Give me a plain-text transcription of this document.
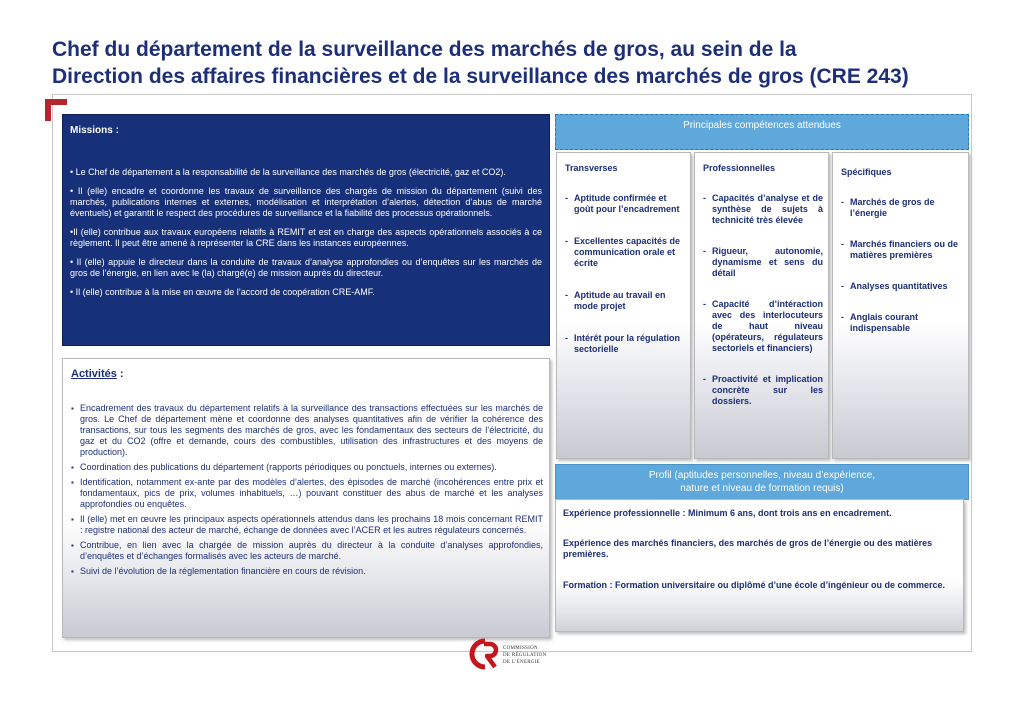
Chef du département de la surveillance des marchés de gros, au sein de la
Direction des affaires financières et de la surveillance des marchés de gros (CRE 243)
Missions :

• Le Chef de département a la responsabilité de la surveillance des marchés de gros (électricité, gaz et CO2).

• Il (elle) encadre et coordonne les travaux de surveillance des chargés de mission du département (suivi des marchés, publications internes et externes, modélisation et interprétation d’alertes, détection d’abus de marché éventuels) et garantit le respect des procédures de surveillance et la fiabilité des processus opérationnels.

•Il (elle) contribue aux travaux européens relatifs à REMIT et est en charge des aspects opérationnels associés à ce règlement. Il peut être amené à représenter la CRE dans les instances européennes.

• Il (elle) appuie le directeur dans la conduite de travaux d’analyse approfondies ou d’enquêtes sur les marchés de gros de l’énergie, en lien avec le (la) chargé(e) de mission auprès du directeur.

• Il (elle) contribue à la mise en œuvre de l’accord de coopération CRE-AMF.

Activités :
▪ Encadrement des travaux du département relatifs à la surveillance des transactions effectuées sur les marchés de gros. Le Chef de département mène et coordonne des analyses quantitatives afin de vérifier la cohérence des transactions, sur tous les segments des marchés de gros, avec les fondamentaux des secteurs de l’électricité, du gaz et du CO2 (offre et demande, cours des combustibles, utilisation des infrastructures et des moyens de production).
▪ Coordination des publications du département (rapports périodiques ou ponctuels, internes ou externes).
▪ Identification, notamment ex-ante par des modèles d’alertes, des épisodes de marché (incohérences entre prix et fondamentaux, pics de prix, volumes inhabituels, …) pouvant constituer des abus de marché et les analyses approfondies ou enquêtes.
▪ Il (elle) met en œuvre les principaux aspects opérationnels attendus dans les prochains 18 mois concernant REMIT : registre national des acteur de marché, échange de données avec l’ACER et les autres régulateurs concernés.
▪ Contribue, en lien avec la chargée de mission auprès du directeur à la conduite d’analyses approfondies, d’enquêtes et d’échanges formalisés avec les acteurs de marché.
▪ Suivi de l’évolution de la réglementation financière en cours de révision.
Principales compétences attendues
Transverses
- Aptitude confirmée et goût pour l’encadrement
- Excellentes capacités de communication orale et écrite
- Aptitude au travail en mode projet
- Intérêt pour la régulation sectorielle
Professionnelles
- Capacités d’analyse et de synthèse de sujets à technicité très élevée
- Rigueur, autonomie, dynamisme et sens du détail
- Capacité d’intéraction avec des interlocuteurs de haut niveau (opérateurs, régulateurs sectoriels et financiers)
- Proactivité et implication concrète sur les dossiers.
Spécifiques
- Marchés de gros de l’énergie
- Marchés financiers ou de matières premières
- Analyses quantitatives
- Anglais courant indispensable
Profil (aptitudes personnelles, niveau d’expérience,
nature et niveau de formation requis)

Expérience professionnelle : Minimum 6 ans, dont trois ans en encadrement.

Expérience des marchés financiers, des marchés de gros de l’énergie ou des matières premières.

Formation : Formation universitaire ou diplômé d’une école d’ingénieur ou de commerce.

COMMISSION
DE RÉGULATION
DE L’ÉNERGIE
